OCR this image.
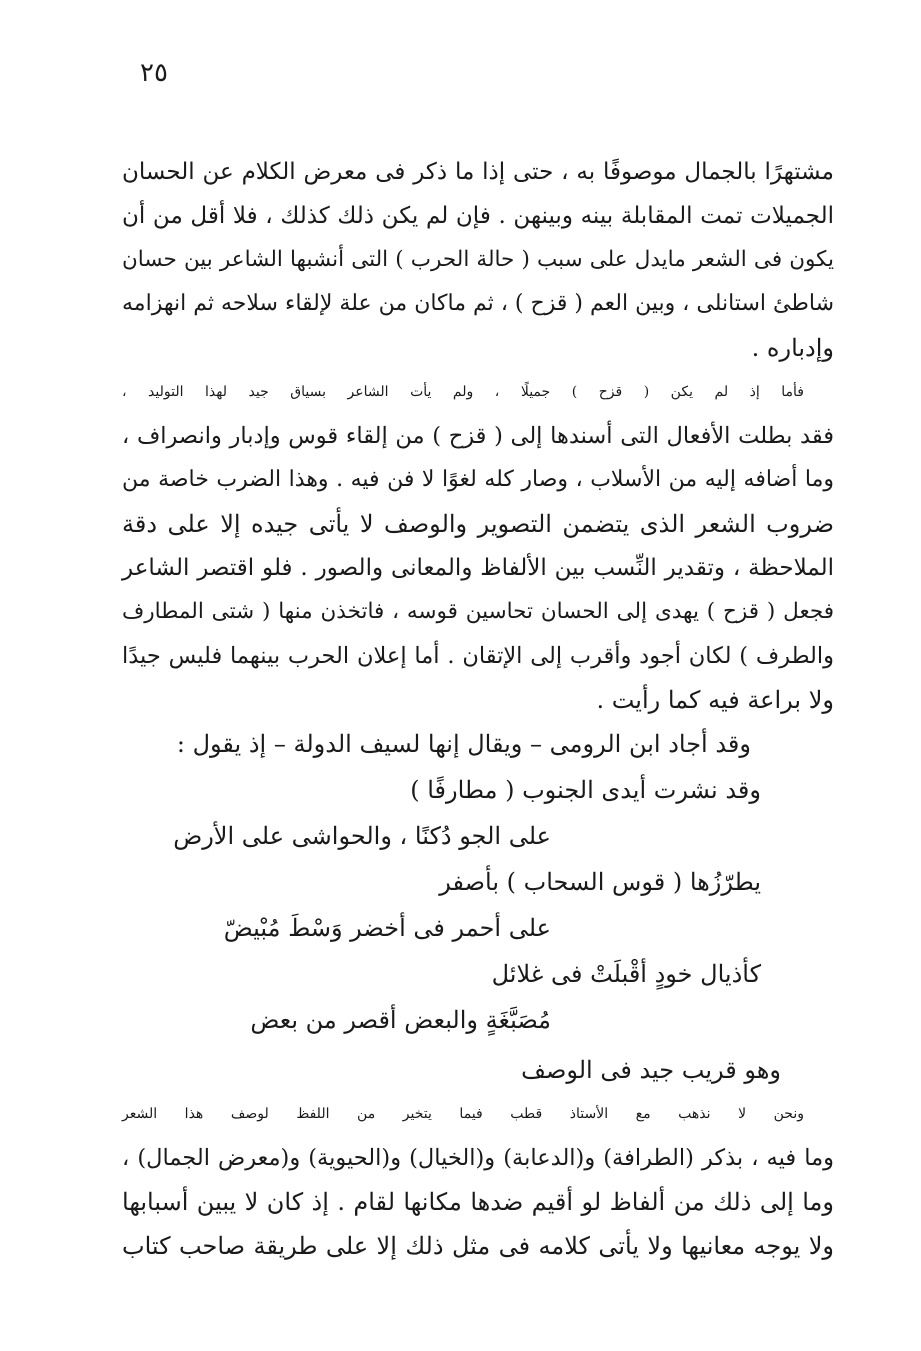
٢٥
مشتهرًا بالجمال موصوفًا به ، حتى إذا ما ذكر فى معرض الكلام عن الحسان
الجميلات تمت المقابلة بينه وبينهن . فإن لم يكن ذلك كذلك ، فلا أقل من أن
يكون فى الشعر مايدل على سبب ( حالة الحرب ) التى أنشبها الشاعر بين حسان
شاطئ استانلى ، وبين العم ( قزح ) ، ثم ماكان من علة لإلقاء سلاحه ثم انهزامه
وإدباره .
فأما إذ لم يكن ( قزح ) جميلًا ، ولم يأت الشاعر بسياق جيد لهذا التوليد ،
فقد بطلت الأفعال التى أسندها إلى ( قزح ) من إلقاء قوس وإدبار وانصراف ،
وما أضافه إليه من الأسلاب ، وصار كله لغوًا لا فن فيه . وهذا الضرب خاصة من
ضروب الشعر الذى يتضمن التصوير والوصف لا يأتى جيده إلا على دقة
الملاحظة ، وتقدير النِّسب بين الألفاظ والمعانى والصور . فلو اقتصر الشاعر
فجعل ( قزح ) يهدى إلى الحسان تحاسين قوسه ، فاتخذن منها ( شتى المطارف
والطرف ) لكان أجود وأقرب إلى الإتقان . أما إعلان الحرب بينهما فليس جيدًا
ولا براعة فيه كما رأيت .
وقد أجاد ابن الرومى – ويقال إنها لسيف الدولة – إذ يقول :
وقد نشرت أيدى الجنوب ( مطارفًا )
على الجو دُكنًا ، والحواشى على الأرض
يطرّزُها ( قوس السحاب ) بأصفر
على أحمر فى أخضر وَسْطَ مُبْيضّ
كأذيال خودٍ أقْبلَتْ فى غلائل
مُصَبَّغَةٍ والبعض أقصر من بعض
وهو قريب جيد فى الوصف
ونحن لا نذهب مع الأستاذ قطب فيما يتخير من اللفظ لوصف هذا الشعر
وما فيه ، بذكر (الطرافة) و(الدعابة) و(الخيال) و(الحيوية) و(معرض الجمال) ،
وما إلى ذلك من ألفاظ لو أقيم ضدها مكانها لقام . إذ كان لا يبين أسبابها
ولا يوجه معانيها ولا يأتى كلامه فى مثل ذلك إلا على طريقة صاحب كتاب
